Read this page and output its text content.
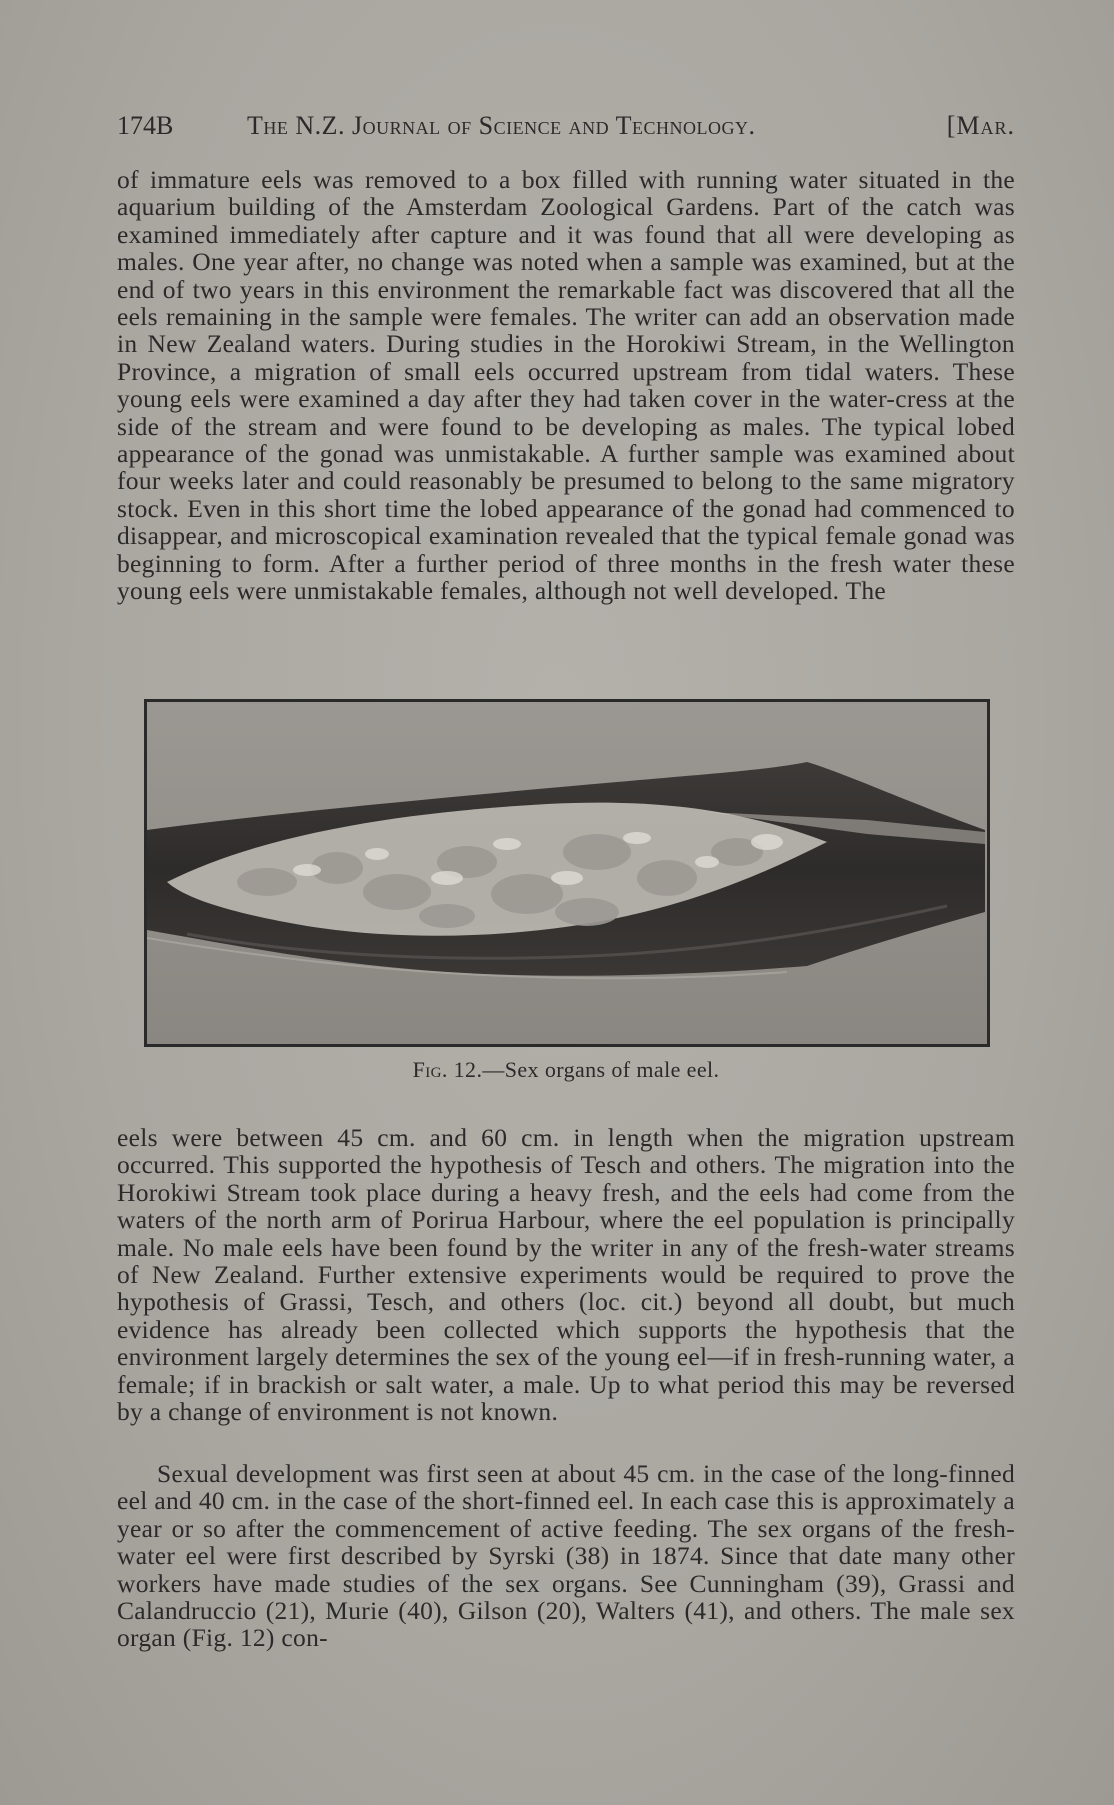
174B	The N.Z. Journal of Science and Technology.	[Mar.

of immature eels was removed to a box filled with running water situated in the aquarium building of the Amsterdam Zoological Gardens. Part of the catch was examined immediately after capture and it was found that all were developing as males. One year after, no change was noted when a sample was examined, but at the end of two years in this environment the remarkable fact was discovered that all the eels remaining in the sample were females. The writer can add an observation made in New Zealand waters. During studies in the Horokiwi Stream, in the Wellington Province, a migration of small eels occurred upstream from tidal waters. These young eels were examined a day after they had taken cover in the water-cress at the side of the stream and were found to be developing as males. The typical lobed appearance of the gonad was unmistakable. A further sample was examined about four weeks later and could reasonably be presumed to belong to the same migratory stock. Even in this short time the lobed appearance of the gonad had commenced to disappear, and microscopical examination revealed that the typical female gonad was beginning to form. After a further period of three months in the fresh water these young eels were unmistakable females, although not well developed. The

Fig. 12.—Sex organs of male eel.

eels were between 45 cm. and 60 cm. in length when the migration upstream occurred. This supported the hypothesis of Tesch and others. The migration into the Horokiwi Stream took place during a heavy fresh, and the eels had come from the waters of the north arm of Porirua Harbour, where the eel population is principally male. No male eels have been found by the writer in any of the fresh-water streams of New Zealand. Further extensive experiments would be required to prove the hypothesis of Grassi, Tesch, and others (loc. cit.) beyond all doubt, but much evidence has already been collected which supports the hypothesis that the environment largely determines the sex of the young eel—if in fresh-running water, a female; if in brackish or salt water, a male. Up to what period this may be reversed by a change of environment is not known.

Sexual development was first seen at about 45 cm. in the case of the long-finned eel and 40 cm. in the case of the short-finned eel. In each case this is approximately a year or so after the commencement of active feeding. The sex organs of the fresh-water eel were first described by Syrski (38) in 1874. Since that date many other workers have made studies of the sex organs. See Cunningham (39), Grassi and Calandruccio (21), Murie (40), Gilson (20), Walters (41), and others. The male sex organ (Fig. 12) con-
